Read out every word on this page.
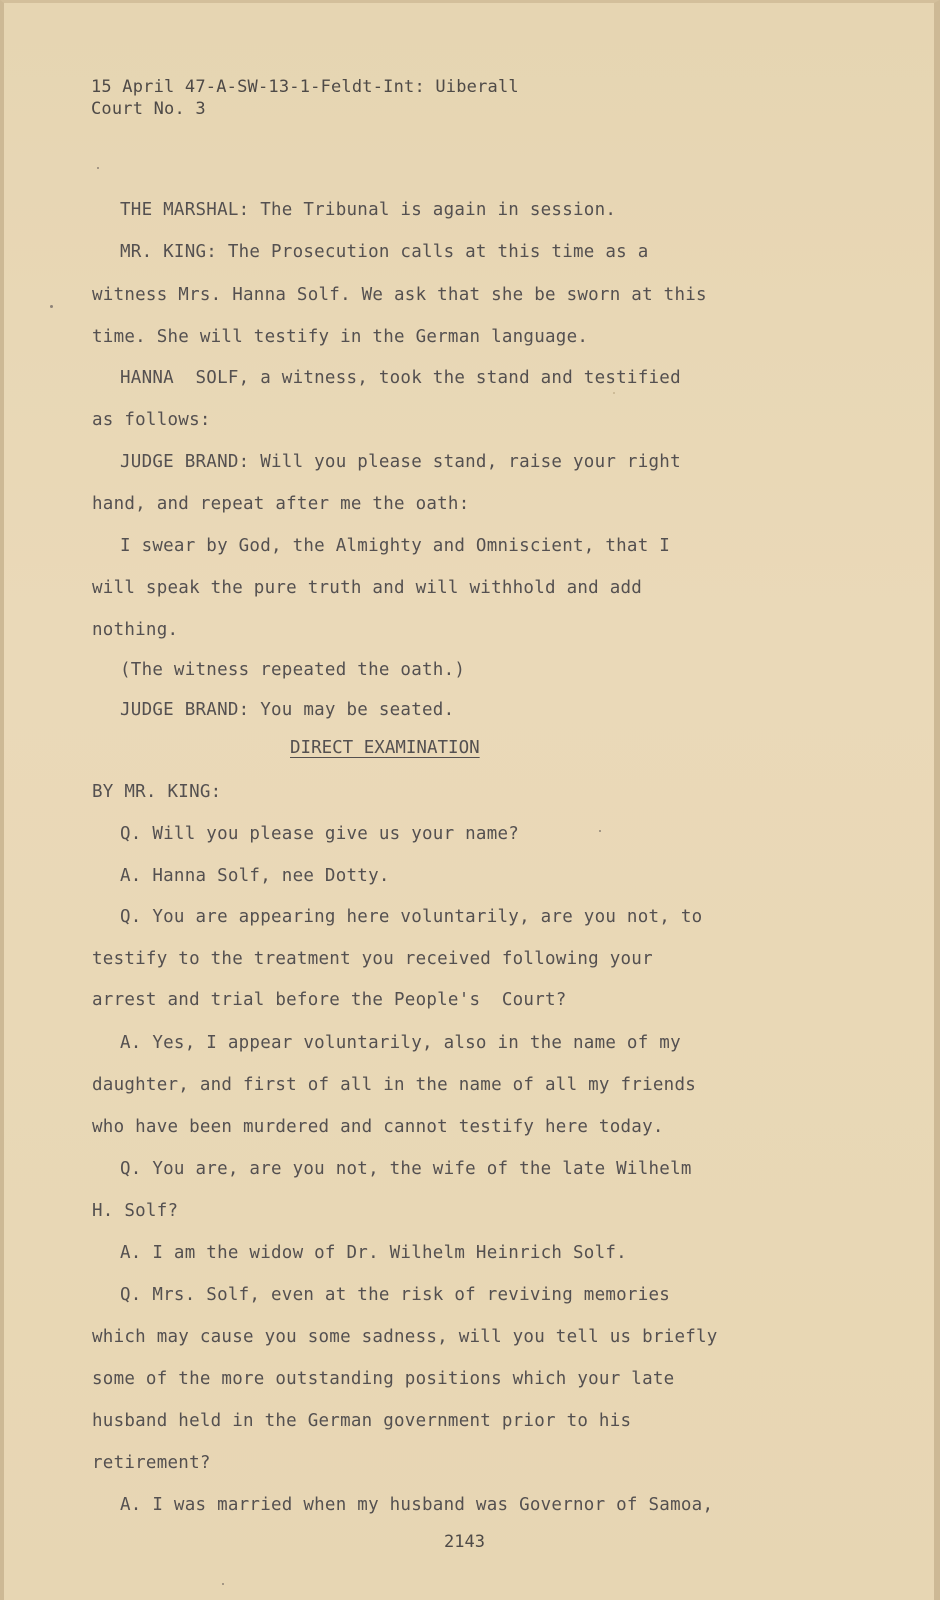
15 April 47-A-SW-13-1-Feldt-Int: Uiberall
Court No. 3
THE MARSHAL: The Tribunal is again in session.
MR. KING: The Prosecution calls at this time as a
witness Mrs. Hanna Solf. We ask that she be sworn at this
time. She will testify in the German language.
HANNA  SOLF, a witness, took the stand and testified
as follows:
JUDGE BRAND: Will you please stand, raise your right
hand, and repeat after me the oath:
I swear by God, the Almighty and Omniscient, that I
will speak the pure truth and will withhold and add
nothing.
(The witness repeated the oath.)
JUDGE BRAND: You may be seated.
DIRECT EXAMINATION
BY MR. KING:
Q. Will you please give us your name?
A. Hanna Solf, nee Dotty.
Q. You are appearing here voluntarily, are you not, to
testify to the treatment you received following your
arrest and trial before the People's  Court?
A. Yes, I appear voluntarily, also in the name of my
daughter, and first of all in the name of all my friends
who have been murdered and cannot testify here today.
Q. You are, are you not, the wife of the late Wilhelm
H. Solf?
A. I am the widow of Dr. Wilhelm Heinrich Solf.
Q. Mrs. Solf, even at the risk of reviving memories
which may cause you some sadness, will you tell us briefly
some of the more outstanding positions which your late
husband held in the German government prior to his
retirement?
A. I was married when my husband was Governor of Samoa,
2143
